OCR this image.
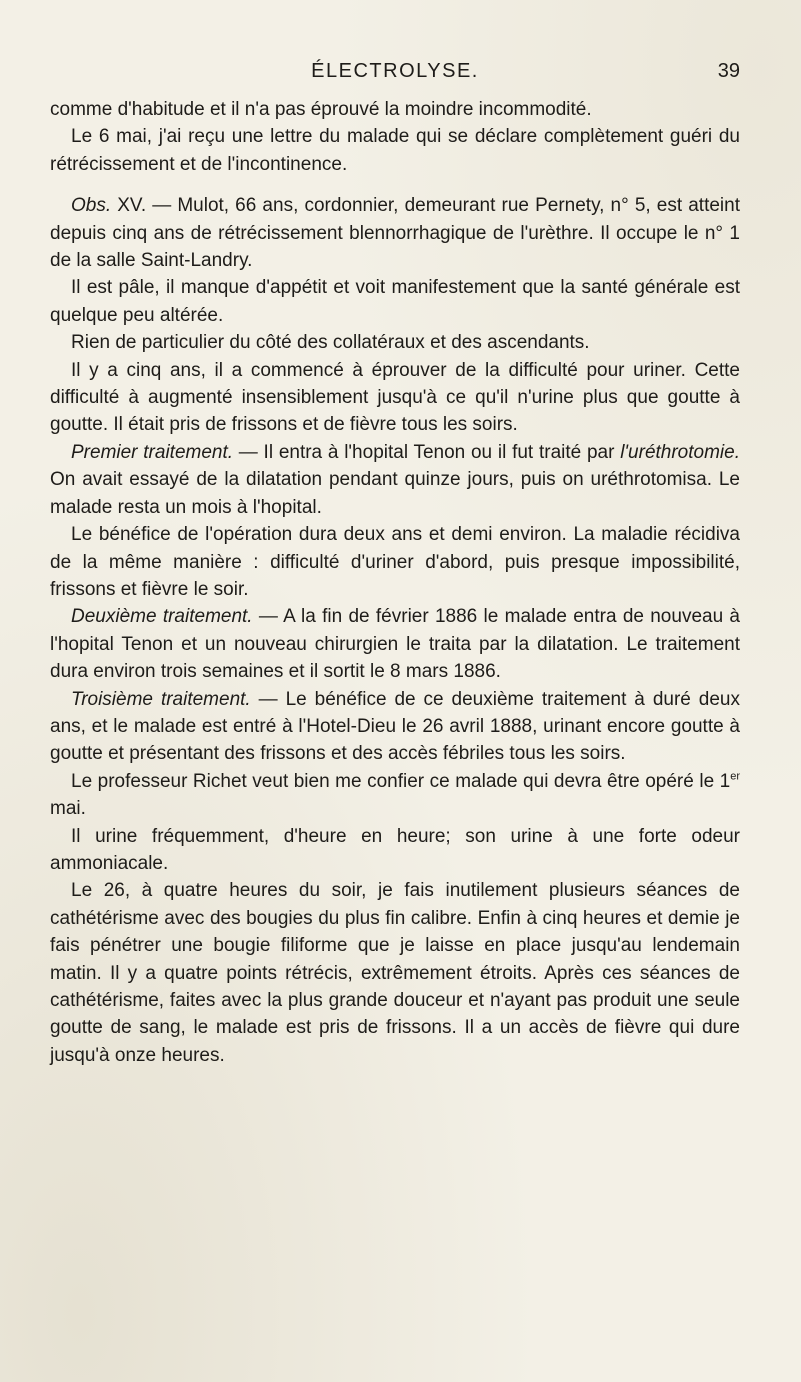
ÉLECTROLYSE.	39

comme d'habitude et il n'a pas éprouvé la moindre incommodité.

Le 6 mai, j'ai reçu une lettre du malade qui se déclare complètement guéri du rétrécissement et de l'incontinence.

Obs. XV. — Mulot, 66 ans, cordonnier, demeurant rue Pernety, n° 5, est atteint depuis cinq ans de rétrécissement blennorrhagique de l'urèthre. Il occupe le n° 1 de la salle Saint-Landry.

Il est pâle, il manque d'appétit et voit manifestement que la santé générale est quelque peu altérée.

Rien de particulier du côté des collatéraux et des ascendants.

Il y a cinq ans, il a commencé à éprouver de la difficulté pour uriner. Cette difficulté à augmenté insensiblement jusqu'à ce qu'il n'urine plus que goutte à goutte. Il était pris de frissons et de fièvre tous les soirs.

Premier traitement. — Il entra à l'hopital Tenon ou il fut traité par l'uréthrotomie. On avait essayé de la dilatation pendant quinze jours, puis on uréthrotomisa. Le malade resta un mois à l'hopital.

Le bénéfice de l'opération dura deux ans et demi environ. La maladie récidiva de la même manière : difficulté d'uriner d'abord, puis presque impossibilité, frissons et fièvre le soir.

Deuxième traitement. — A la fin de février 1886 le malade entra de nouveau à l'hopital Tenon et un nouveau chirurgien le traita par la dilatation. Le traitement dura environ trois semaines et il sortit le 8 mars 1886.

Troisième traitement. — Le bénéfice de ce deuxième traitement à duré deux ans, et le malade est entré à l'Hotel-Dieu le 26 avril 1888, urinant encore goutte à goutte et présentant des frissons et des accès fébriles tous les soirs.

Le professeur Richet veut bien me confier ce malade qui devra être opéré le 1er mai.

Il urine fréquemment, d'heure en heure; son urine à une forte odeur ammoniacale.

Le 26, à quatre heures du soir, je fais inutilement plusieurs séances de cathétérisme avec des bougies du plus fin calibre. Enfin à cinq heures et demie je fais pénétrer une bougie filiforme que je laisse en place jusqu'au lendemain matin. Il y a quatre points rétrécis, extrêmement étroits. Après ces séances de cathétérisme, faites avec la plus grande douceur et n'ayant pas produit une seule goutte de sang, le malade est pris de frissons. Il a un accès de fièvre qui dure jusqu'à onze heures.
